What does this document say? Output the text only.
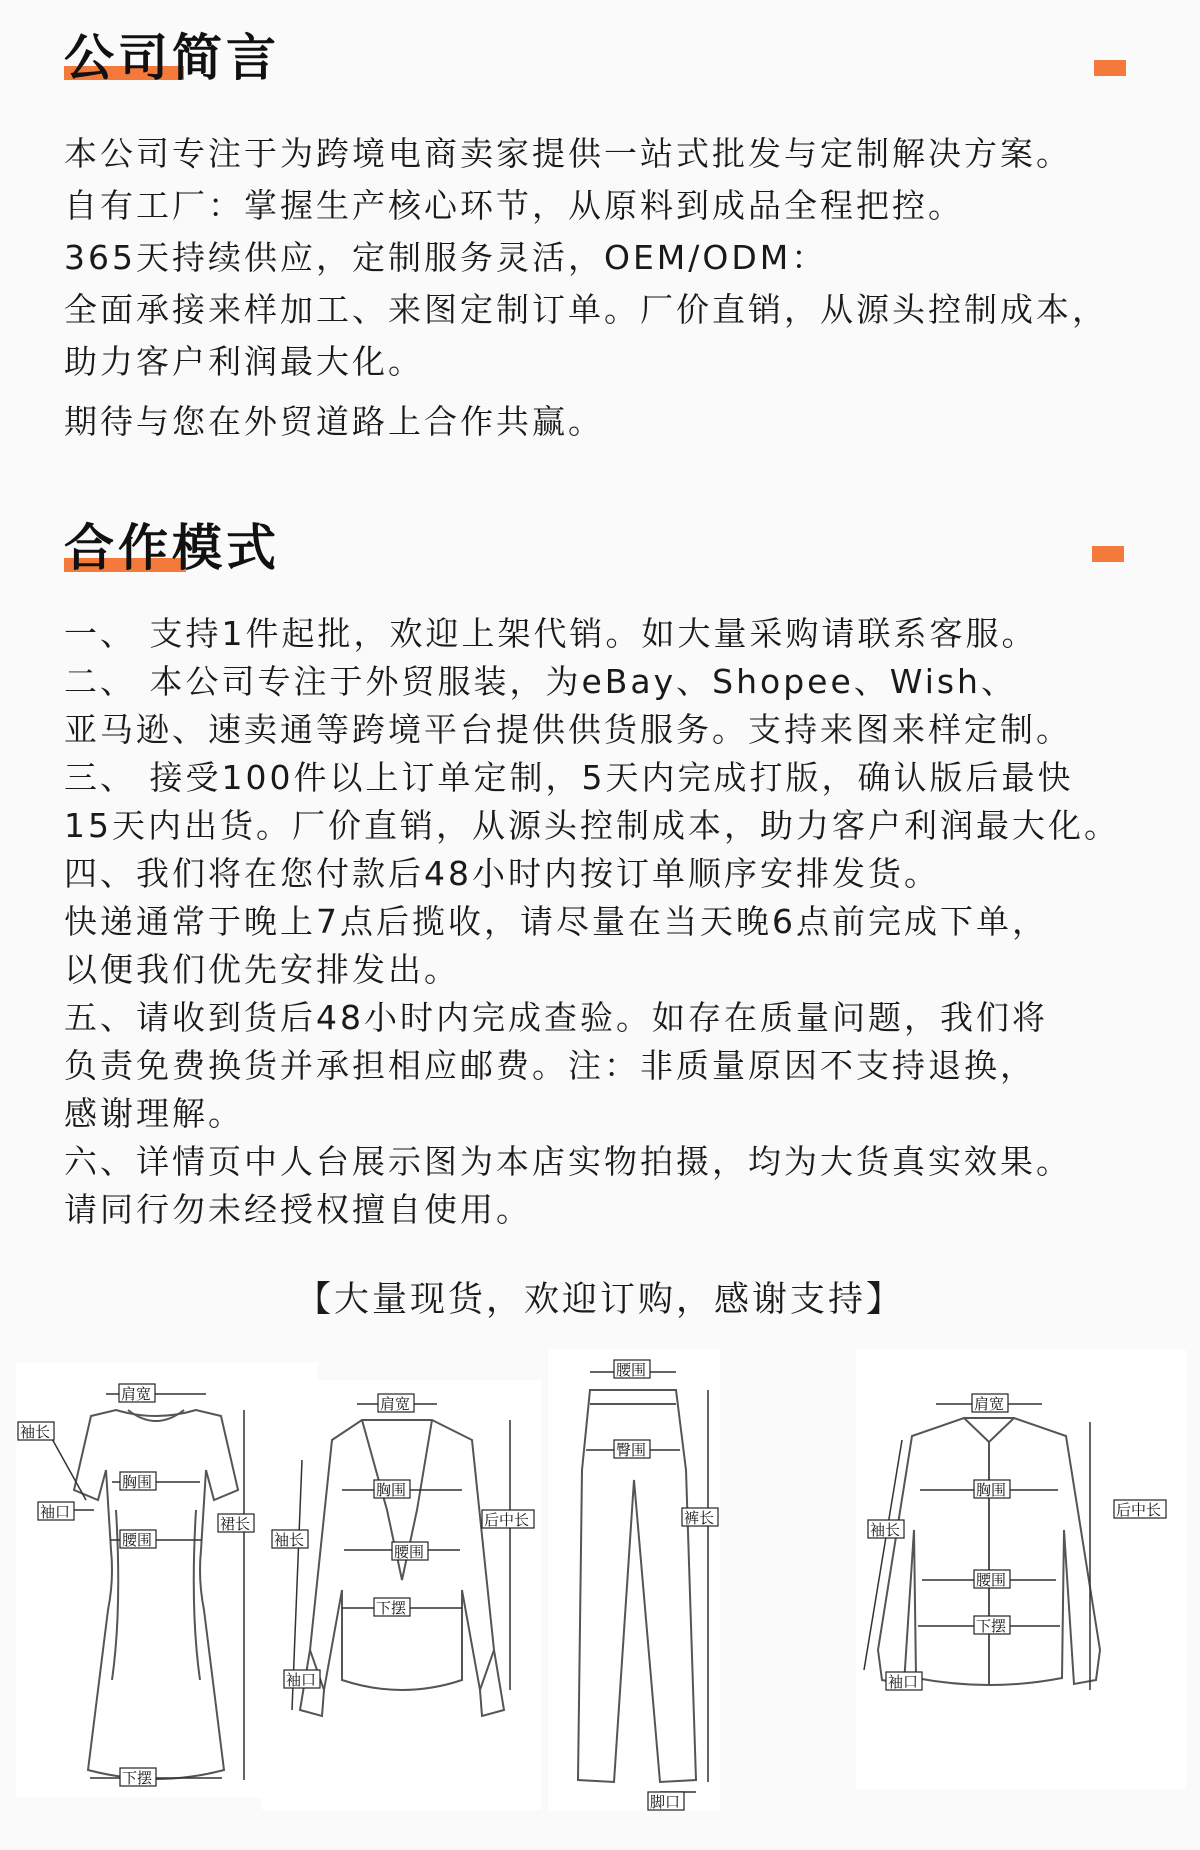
公司简言

本公司专注于为跨境电商卖家提供一站式批发与定制解决方案。

自有工厂：掌握生产核心环节，从原料到成品全程把控。

365天持续供应，定制服务灵活，OEM/ODM：

全面承接来样加工、来图定制订单。厂价直销，从源头控制成本，

助力客户利润最大化。

期待与您在外贸道路上合作共赢。

合作模式

一、 支持1件起批，欢迎上架代销。如大量采购请联系客服。

二、 本公司专注于外贸服装，为eBay、Shopee、Wish、

亚马逊、速卖通等跨境平台提供供货服务。支持来图来样定制。

三、 接受100件以上订单定制，5天内完成打版，确认版后最快

15天内出货。厂价直销，从源头控制成本，助力客户利润最大化。

四、我们将在您付款后48小时内按订单顺序安排发货。

快递通常于晚上7点后揽收，请尽量在当天晚6点前完成下单，

以便我们优先安排发出。

五、请收到货后48小时内完成查验。如存在质量问题，我们将

负责免费换货并承担相应邮费。注：非质量原因不支持退换，

感谢理解。

六、详情页中人台展示图为本店实物拍摄，均为大货真实效果。

请同行勿未经授权擅自使用。

【大量现货，欢迎订购，感谢支持】

肩宽
袖长
袖口
胸围
腰围
裙长
下摆
肩宽
胸围
袖长
后中长
腰围
下摆
袖口
腰围
臀围
裤长
脚口
肩宽
胸围
后中长
袖长
腰围
下摆
袖口
